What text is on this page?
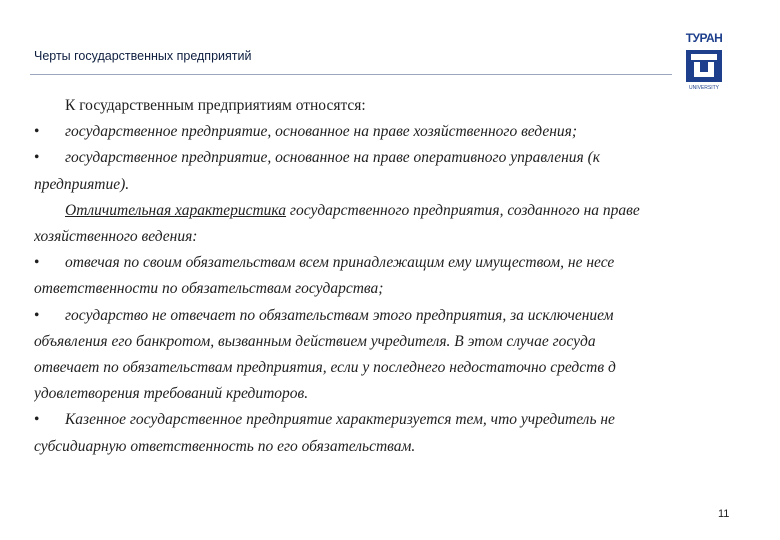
Черты государственных предприятий
ТУРАН
UNIVERSITY

К государственным предприятиям относятся:

• государственное предприятие, основанное на праве хозяйственного ведения;

• государственное предприятие, основанное на праве оперативного управления (к

предприятие).

Отличительная характеристика государственного предприятия, созданного на праве

хозяйственного ведения:

• отвечая по своим обязательствам всем принадлежащим ему имуществом, не несе

ответственности по обязательствам государства;

• государство не отвечает по обязательствам этого предприятия, за исключением

объявления его банкротом, вызванным действием учредителя. В этом случае госуда

отвечает по обязательствам предприятия, если у последнего недостаточно средств д

удовлетворения требований кредиторов.

• Казенное государственное предприятие характеризуется тем, что учредитель не

субсидиарную ответственность по его обязательствам.

11
